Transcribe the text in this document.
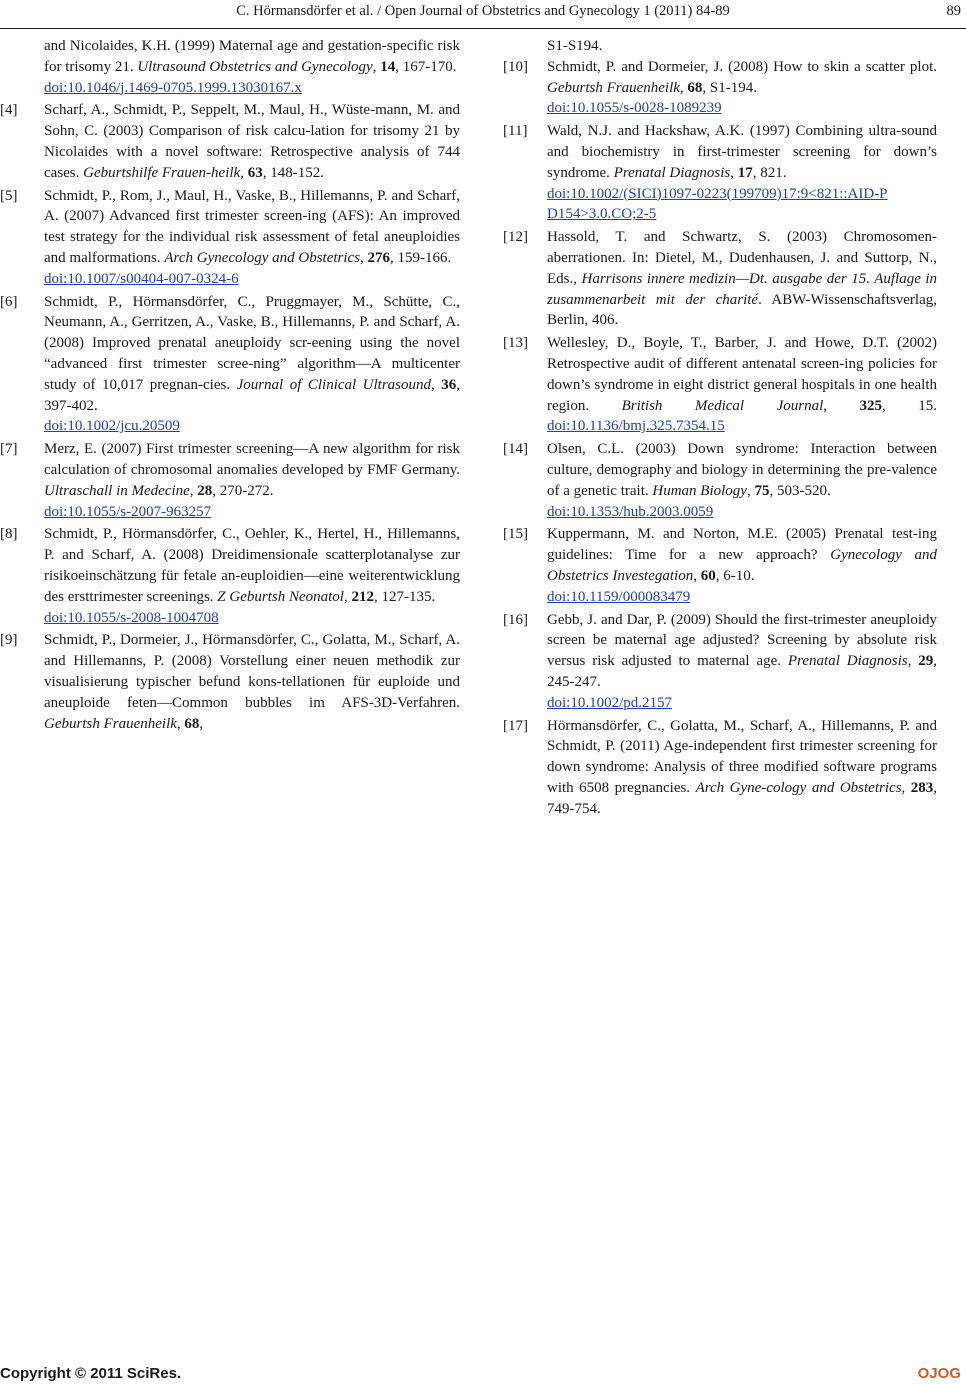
C. Hörmansdörfer et al. / Open Journal of Obstetrics and Gynecology 1 (2011) 84-89	89
and Nicolaides, K.H. (1999) Maternal age and gestation-specific risk for trisomy 21. Ultrasound Obstetrics and Gynecology, 14, 167-170.
doi:10.1046/j.1469-0705.1999.13030167.x
[4] Scharf, A., Schmidt, P., Seppelt, M., Maul, H., Wüste-mann, M. and Sohn, C. (2003) Comparison of risk calcu-lation for trisomy 21 by Nicolaides with a novel software: Retrospective analysis of 744 cases. Geburtshilfe Frauen-heilk, 63, 148-152.
[5] Schmidt, P., Rom, J., Maul, H., Vaske, B., Hillemanns, P. and Scharf, A. (2007) Advanced first trimester screen-ing (AFS): An improved test strategy for the individual risk assessment of fetal aneuploidies and malformations. Arch Gynecology and Obstetrics, 276, 159-166.
doi:10.1007/s00404-007-0324-6
[6] Schmidt, P., Hörmansdörfer, C., Pruggmayer, M., Schütte, C., Neumann, A., Gerritzen, A., Vaske, B., Hillemanns, P. and Scharf, A. (2008) Improved prenatal aneuploidy scr-eening using the novel “advanced first trimester scree-ning” algorithm—A multicenter study of 10,017 pregnan-cies. Journal of Clinical Ultrasound, 36, 397-402.
doi:10.1002/jcu.20509
[7] Merz, E. (2007) First trimester screening—A new algorithm for risk calculation of chromosomal anomalies developed by FMF Germany. Ultraschall in Medecine, 28, 270-272.
doi:10.1055/s-2007-963257
[8] Schmidt, P., Hörmansdörfer, C., Oehler, K., Hertel, H., Hillemanns, P. and Scharf, A. (2008) Dreidimensionale scatterplotanalyse zur risikoeinschätzung für fetale an-euploidien—eine weiterentwicklung des ersttrimester screenings. Z Geburtsh Neonatol, 212, 127-135.
doi:10.1055/s-2008-1004708
[9] Schmidt, P., Dormeier, J., Hörmansdörfer, C., Golatta, M., Scharf, A. and Hillemanns, P. (2008) Vorstellung einer neuen methodik zur visualisierung typischer befund kons-tellationen für euploide und aneuploide feten—Common bubbles im AFS-3D-Verfahren. Geburtsh Frauenheilk, 68,
S1-S194.
[10] Schmidt, P. and Dormeier, J. (2008) How to skin a scatter plot. Geburtsh Frauenheilk, 68, S1-194.
doi:10.1055/s-0028-1089239
[11] Wald, N.J. and Hackshaw, A.K. (1997) Combining ultra-sound and biochemistry in first-trimester screening for down’s syndrome. Prenatal Diagnosis, 17, 821.
doi:10.1002/(SICI)1097-0223(199709)17:9<821::AID-P D154>3.0.CO;2-5
[12] Hassold, T. and Schwartz, S. (2003) Chromosomen-aberrationen. In: Dietel, M., Dudenhausen, J. and Suttorp, N., Eds., Harrisons innere medizin—Dt. ausgabe der 15. Auflage in zusammenarbeit mit der charité. ABW-Wissenschaftsverlag, Berlin, 406.
[13] Wellesley, D., Boyle, T., Barber, J. and Howe, D.T. (2002) Retrospective audit of different antenatal screen-ing policies for down’s syndrome in eight district general hospitals in one health region. British Medical Journal, 325, 15. doi:10.1136/bmj.325.7354.15
[14] Olsen, C.L. (2003) Down syndrome: Interaction between culture, demography and biology in determining the pre-valence of a genetic trait. Human Biology, 75, 503-520.
doi:10.1353/hub.2003.0059
[15] Kuppermann, M. and Norton, M.E. (2005) Prenatal test-ing guidelines: Time for a new approach? Gynecology and Obstetrics Investegation, 60, 6-10.
doi:10.1159/000083479
[16] Gebb, J. and Dar, P. (2009) Should the first-trimester aneuploidy screen be maternal age adjusted? Screening by absolute risk versus risk adjusted to maternal age. Prenatal Diagnosis, 29, 245-247.
doi:10.1002/pd.2157
[17] Hörmansdörfer, C., Golatta, M., Scharf, A., Hillemanns, P. and Schmidt, P. (2011) Age-independent first trimester screening for down syndrome: Analysis of three modified software programs with 6508 pregnancies. Arch Gyne-cology and Obstetrics, 283, 749-754.
Copyright © 2011 SciRes.	OJOG
